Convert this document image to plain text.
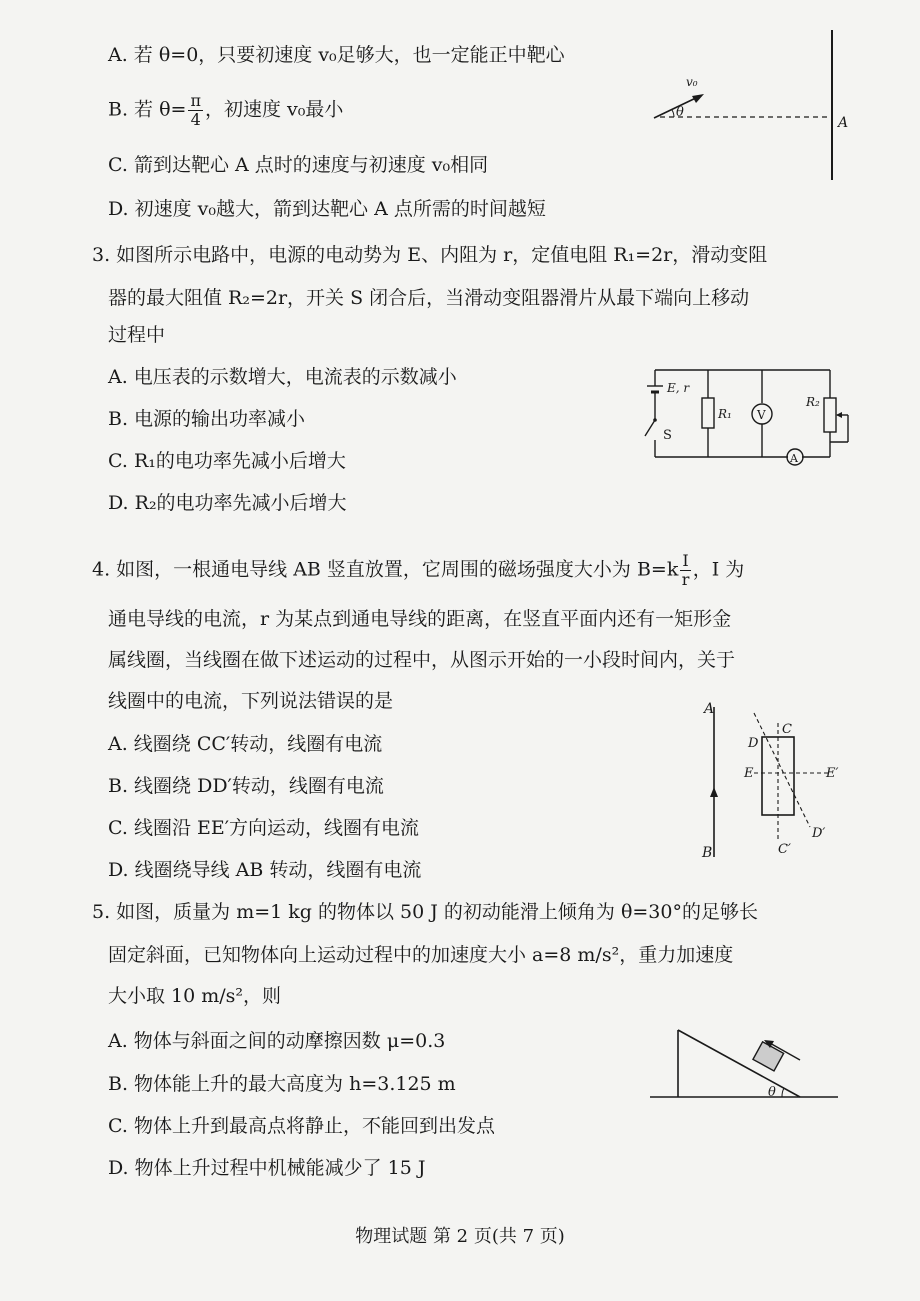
A. 若 θ=0，只要初速度 v₀足够大，也一定能正中靶心
B. 若 $\theta= \frac{\pi}{4}$ ，初速度 v₀最小
C. 箭到达靶心 A 点时的速度与初速度 v₀相同
D. 初速度 v₀越大，箭到达靶心 A 点所需的时间越短
v₀
θ
A
3. 如图所示电路中，电源的电动势为 E、内阻为 r，定值电阻 R₁=2r，滑动变阻
器的最大阻值 R₂=2r，开关 S 闭合后，当滑动变阻器滑片从最下端向上移动
过程中
A. 电压表的示数增大，电流表的示数减小
B. 电源的输出功率减小
C. R₁的电功率先减小后增大
D. R₂的电功率先减小后增大
E, r
S
R₁ V
R₂
A
4. 如图，一根通电导线 AB 竖直放置，它周围的磁场强度大小为 $B=k \frac{I}{r}$ ，I 为
通电导线的电流，r 为某点到通电导线的距离，在竖直平面内还有一矩形金
属线圈，当线圈在做下述运动的过程中，从图示开始的一小段时间内，关于
线圈中的电流，下列说法错误的是
A. 线圈绕 CC′转动，线圈有电流
B. 线圈绕 DD′转动，线圈有电流
C. 线圈沿 EE′方向运动，线圈有电流
D. 线圈绕导线 AB 转动，线圈有电流
A
B
C
D
E	E′
C′
D′
5. 如图，质量为 m=1 kg 的物体以 50 J 的初动能滑上倾角为 θ=30°的足够长
固定斜面，已知物体向上运动过程中的加速度大小 a=8 m/s²，重力加速度
大小取 10 m/s²，则
A. 物体与斜面之间的动摩擦因数 μ=0.3
B. 物体能上升的最大高度为 h=3.125 m
C. 物体上升到最高点将静止，不能回到出发点
D. 物体上升过程中机械能减少了 15 J
θ
物理试题 第 2 页(共 7 页)
